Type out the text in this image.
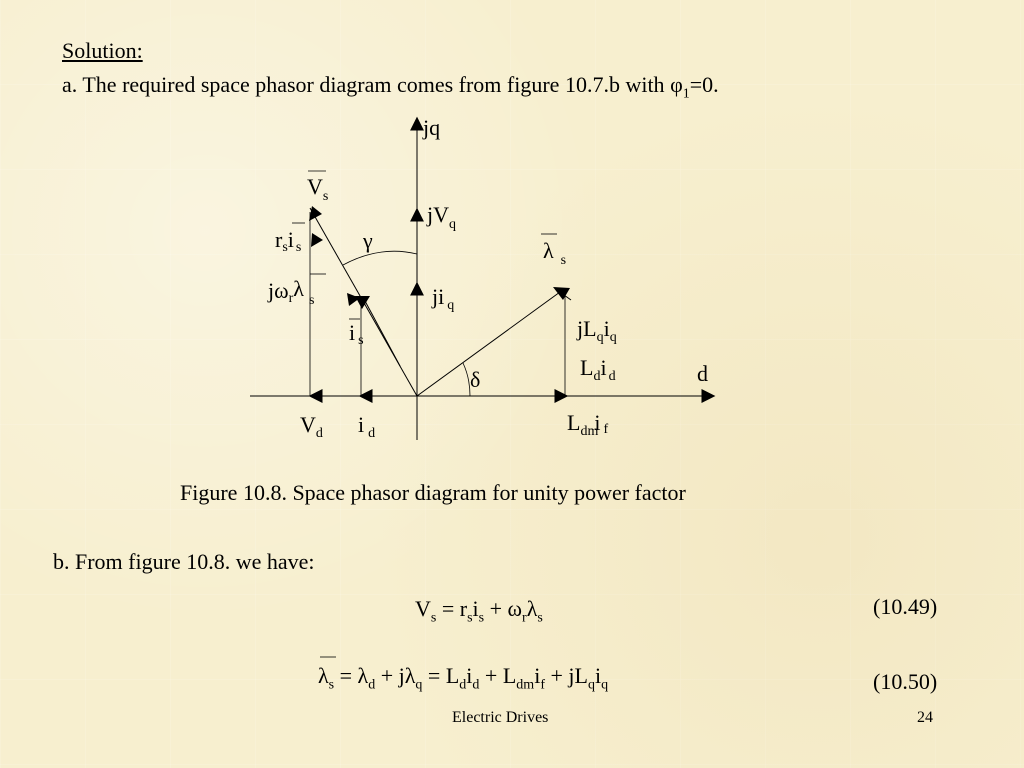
Solution:
a. The required space phasor diagram comes from figure 10.7.b with $\varphi_1=0$.
jq
d
$V_s$
$jV_q$
rsi s	γ	λ $_s$
jωrλ $_s$	ji $_q$
is	$jL_qi_q$
$L_di$ $_d$
δ
$V_d$ i $_d$	$L_{dm}i$ f
Figure 10.8. Space phasor diagram for unity power factor
b. From figure 10.8. we have:
$V_s = r_si_s + \omega_r\lambda_s$	(10.49)
$\lambda_s = \lambda_d + j\lambda_q = L_di_d + L_{dm}i_f + jL_qi_q$	(10.50)
Electric Drives	24
